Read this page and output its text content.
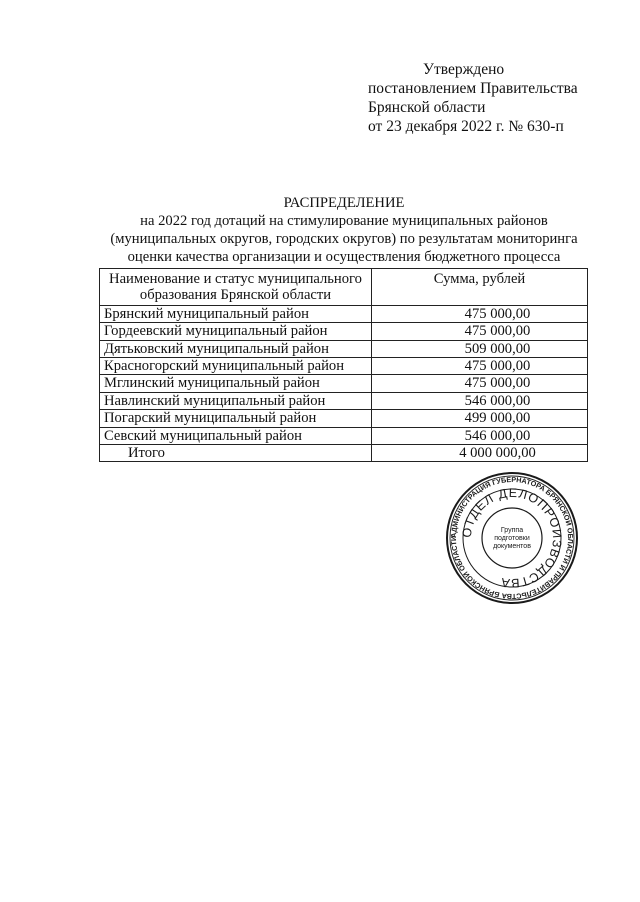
Утверждено
постановлением Правительства
Брянской области
от 23 декабря 2022 г. № 630-п
РАСПРЕДЕЛЕНИЕ
на 2022 год дотаций на стимулирование муниципальных районов
(муниципальных округов, городских округов) по результатам мониторинга
оценки качества организации и осуществления бюджетного процесса
Наименование и статус муниципального
образования Брянской области	Сумма, рублей
Брянский муниципальный район	475 000,00
Гордеевский муниципальный район	475 000,00
Дятьковский муниципальный район	509 000,00
Красногорский муниципальный район	475 000,00
Мглинский муниципальный район	475 000,00
Навлинский муниципальный район	546 000,00
Погарский муниципальный район	499 000,00
Севский муниципальный район	546 000,00
Итого	4 000 000,00
АДМИНИСТРАЦИЯ ГУБЕРНАТОРА БРЯНСКОЙ ОБЛАСТИ И ПРАВИТЕЛЬСТВА БРЯНСКОЙ ОБЛАСТИ
ОТДЕЛ ДЕЛОПРОИЗВОДСТВА
Группа
подготовки
документов
